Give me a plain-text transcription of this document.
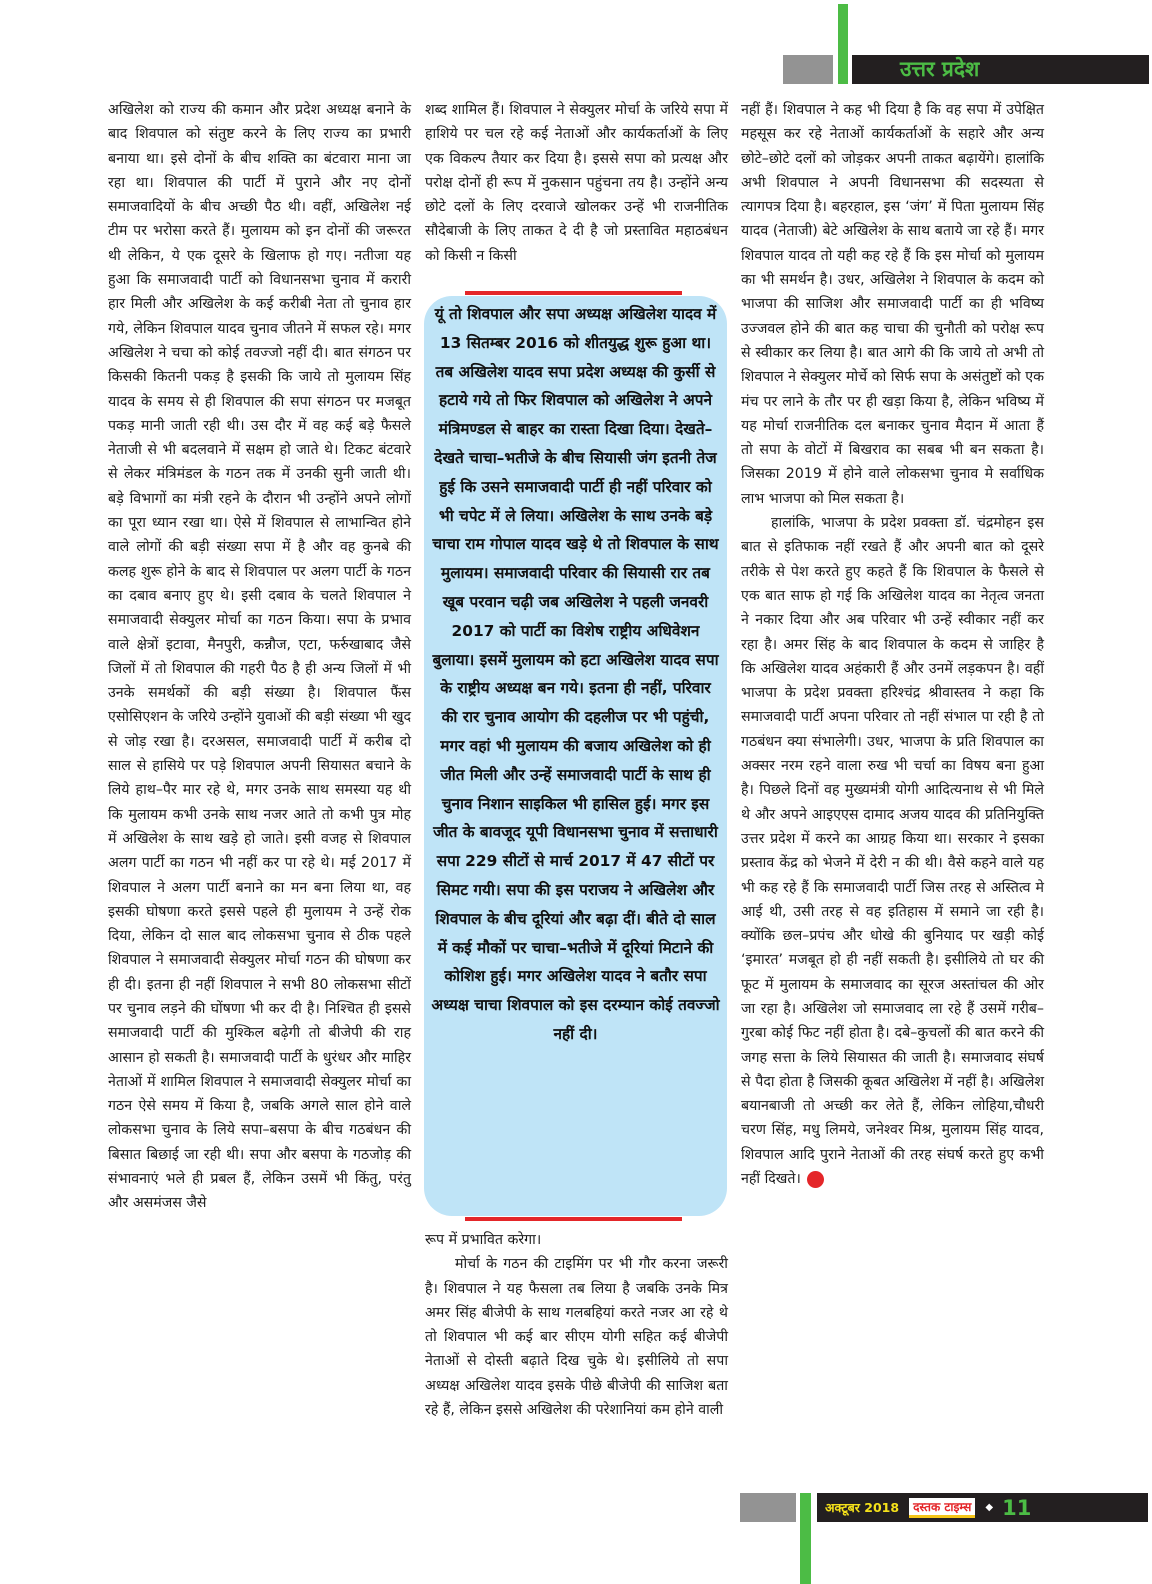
उत्तर प्रदेश

अखिलेश को राज्य की कमान और प्रदेश अध्यक्ष बनाने के बाद शिवपाल को संतुष्ट करने के लिए राज्य का प्रभारी बनाया था। इसे दोनों के बीच शक्ति का बंटवारा माना जा रहा था। शिवपाल की पार्टी में पुराने और नए दोनों समाजवादियों के बीच अच्छी पैठ थी। वहीं, अखिलेश नई टीम पर भरोसा करते हैं। मुलायम को इन दोनों की जरूरत थी लेकिन, ये एक दूसरे के खिलाफ हो गए। नतीजा यह हुआ कि समाजवादी पार्टी को विधानसभा चुनाव में करारी हार मिली और अखिलेश के कई करीबी नेता तो चुनाव हार गये, लेकिन शिवपाल यादव चुनाव जीतने में सफल रहे। मगर अखिलेश ने चचा को कोई तवज्जो नहीं दी। बात संगठन पर किसकी कितनी पकड़ है इसकी कि जाये तो मुलायम सिंह यादव के समय से ही शिवपाल की सपा संगठन पर मजबूत पकड़ मानी जाती रही थी। उस दौर में वह कई बड़े फैसले नेताजी से भी बदलवाने में सक्षम हो जाते थे। टिकट बंटवारे से लेकर मंत्रिमंडल के गठन तक में उनकी सुनी जाती थी। बड़े विभागों का मंत्री रहने के दौरान भी उन्होंने अपने लोगों का पूरा ध्यान रखा था। ऐसे में शिवपाल से लाभान्वित होने वाले लोगों की बड़ी संख्या सपा में है और वह कुनबे की कलह शुरू होने के बाद से शिवपाल पर अलग पार्टी के गठन का दबाव बनाए हुए थे। इसी दबाव के चलते शिवपाल ने समाजवादी सेक्युलर मोर्चा का गठन किया। सपा के प्रभाव वाले क्षेत्रों इटावा, मैनपुरी, कन्नौज, एटा, फर्रुखाबाद जैसे जिलों में तो शिवपाल की गहरी पैठ है ही अन्य जिलों में भी उनके समर्थकों की बड़ी संख्या है। शिवपाल फैंस एसोसिएशन के जरिये उन्होंने युवाओं की बड़ी संख्या भी खुद से जोड़ रखा है। दरअसल, समाजवादी पार्टी में करीब दो साल से हासिये पर पड़े शिवपाल अपनी सियासत बचाने के लिये हाथ–पैर मार रहे थे, मगर उनके साथ समस्या यह थी कि मुलायम कभी उनके साथ नजर आते तो कभी पुत्र मोह में अखिलेश के साथ खड़े हो जाते। इसी वजह से शिवपाल अलग पार्टी का गठन भी नहीं कर पा रहे थे। मई 2017 में शिवपाल ने अलग पार्टी बनाने का मन बना लिया था, वह इसकी घोषणा करते इससे पहले ही मुलायम ने उन्हें रोक दिया, लेकिन दो साल बाद लोकसभा चुनाव से ठीक पहले शिवपाल ने समाजवादी सेक्युलर मोर्चा गठन की घोषणा कर ही दी। इतना ही नहीं शिवपाल ने सभी 80 लोकसभा सीटों पर चुनाव लड़ने की घोंषणा भी कर दी है। निश्चित ही इससे समाजवादी पार्टी की मुश्किल बढ़ेगी तो बीजेपी की राह आसान हो सकती है। समाजवादी पार्टी के धुरंधर और माहिर नेताओं में शामिल शिवपाल ने समाजवादी सेक्युलर मोर्चा का गठन ऐसे समय में किया है, जबकि अगले साल होने वाले लोकसभा चुनाव के लिये सपा–बसपा के बीच गठबंधन की बिसात बिछाई जा रही थी। सपा और बसपा के गठजोड़ की संभावनाएं भले ही प्रबल हैं, लेकिन उसमें भी किंतु, परंतु और असमंजस जैसे

शब्द शामिल हैं। शिवपाल ने सेक्युलर मोर्चा के जरिये सपा में हाशिये पर चल रहे कई नेताओं और कार्यकर्ताओं के लिए एक विकल्प तैयार कर दिया है। इससे सपा को प्रत्यक्ष और परोक्ष दोनों ही रूप में नुकसान पहुंचना तय है। उन्होंने अन्य छोटे दलों के लिए दरवाजे खोलकर उन्हें भी राजनीतिक सौदेबाजी के लिए ताकत दे दी है जो प्रस्तावित महाठबंधन को किसी न किसी

यूं तो शिवपाल और सपा अध्यक्ष अखिलेश यादव में 13 सितम्बर 2016 को शीतयुद्ध शुरू हुआ था। तब अखिलेश यादव सपा प्रदेश अध्यक्ष की कुर्सी से हटाये गये तो फिर शिवपाल को अखिलेश ने अपने मंत्रिमण्डल से बाहर का रास्ता दिखा दिया। देखते–देखते चाचा–भतीजे के बीच सियासी जंग इतनी तेज हुई कि उसने समाजवादी पार्टी ही नहीं परिवार को भी चपेट में ले लिया। अखिलेश के साथ उनके बड़े चाचा राम गोपाल यादव खड़े थे तो शिवपाल के साथ मुलायम। समाजवादी परिवार की सियासी रार तब खूब परवान चढ़ी जब अखिलेश ने पहली जनवरी 2017 को पार्टी का विशेष राष्ट्रीय अधिवेशन बुलाया। इसमें मुलायम को हटा अखिलेश यादव सपा के राष्ट्रीय अध्यक्ष बन गये। इतना ही नहीं, परिवार की रार चुनाव आयोग की दहलीज पर भी पहुंची, मगर वहां भी मुलायम की बजाय अखिलेश को ही जीत मिली और उन्हें समाजवादी पार्टी के साथ ही चुनाव निशान साइकिल भी हासिल हुई। मगर इस जीत के बावजूद यूपी विधानसभा चुनाव में सत्ताधारी सपा 229 सीटों से मार्च 2017 में 47 सीटों पर सिमट गयी। सपा की इस पराजय ने अखिलेश और शिवपाल के बीच दूरियां और बढ़ा दीं। बीते दो साल में कई मौकों पर चाचा–भतीजे में दूरियां मिटाने की कोशिश हुई। मगर अखिलेश यादव ने बतौर सपा अध्यक्ष चाचा शिवपाल को इस दरम्यान कोई तवज्जो नहीं दी।

रूप में प्रभावित करेगा।

मोर्चा के गठन की टाइमिंग पर भी गौर करना जरूरी है। शिवपाल ने यह फैसला तब लिया है जबकि उनके मित्र अमर सिंह बीजेपी के साथ गलबहियां करते नजर आ रहे थे तो शिवपाल भी कई बार सीएम योगी सहित कई बीजेपी नेताओं से दोस्ती बढ़ाते दिख चुके थे। इसीलिये तो सपा अध्यक्ष अखिलेश यादव इसके पीछे बीजेपी की साजिश बता रहे हैं, लेकिन इससे अखिलेश की परेशानियां कम होने वाली

नहीं हैं। शिवपाल ने कह भी दिया है कि वह सपा में उपेक्षित महसूस कर रहे नेताओं कार्यकर्ताओं के सहारे और अन्य छोटे–छोटे दलों को जोड़कर अपनी ताकत बढ़ायेंगे। हालांकि अभी शिवपाल ने अपनी विधानसभा की सदस्यता से त्यागपत्र दिया है। बहरहाल, इस ‘जंग’ में पिता मुलायम सिंह यादव (नेताजी) बेटे अखिलेश के साथ बताये जा रहे हैं। मगर शिवपाल यादव तो यही कह रहे हैं कि इस मोर्चा को मुलायम का भी समर्थन है। उधर, अखिलेश ने शिवपाल के कदम को भाजपा की साजिश और समाजवादी पार्टी का ही भविष्य उज्जवल होने की बात कह चाचा की चुनौती को परोक्ष रूप से स्वीकार कर लिया है। बात आगे की कि जाये तो अभी तो शिवपाल ने सेक्युलर मोर्चे को सिर्फ सपा के असंतुष्टों को एक मंच पर लाने के तौर पर ही खड़ा किया है, लेकिन भविष्य में यह मोर्चा राजनीतिक दल बनाकर चुनाव मैदान में आता हैं तो सपा के वोटों में बिखराव का सबब भी बन सकता है। जिसका 2019 में होने वाले लोकसभा चुनाव मे सर्वाधिक लाभ भाजपा को मिल सकता है।

हालांकि, भाजपा के प्रदेश प्रवक्ता डॉ. चंद्रमोहन इस बात से इतिफाक नहीं रखते हैं और अपनी बात को दूसरे तरीके से पेश करते हुए कहते हैं कि शिवपाल के फैसले से एक बात साफ हो गई कि अखिलेश यादव का नेतृत्व जनता ने नकार दिया और अब परिवार भी उन्हें स्वीकार नहीं कर रहा है। अमर सिंह के बाद शिवपाल के कदम से जाहिर है कि अखिलेश यादव अहंकारी हैं और उनमें लड़कपन है। वहीं भाजपा के प्रदेश प्रवक्ता हरिश्चंद्र श्रीवास्तव ने कहा कि समाजवादी पार्टी अपना परिवार तो नहीं संभाल पा रही है तो गठबंधन क्या संभालेगी। उधर, भाजपा के प्रति शिवपाल का अक्सर नरम रहने वाला रुख भी चर्चा का विषय बना हुआ है। पिछले दिनों वह मुख्यमंत्री योगी आदित्यनाथ से भी मिले थे और अपने आइएएस दामाद अजय यादव की प्रतिनियुक्ति उत्तर प्रदेश में करने का आग्रह किया था। सरकार ने इसका प्रस्ताव केंद्र को भेजने में देरी न की थी। वैसे कहने वाले यह भी कह रहे हैं कि समाजवादी पार्टी जिस तरह से अस्तित्व मे आई थी, उसी तरह से वह इतिहास में समाने जा रही है। क्योंकि छल–प्रपंच और धोखे की बुनियाद पर खड़ी कोई ‘इमारत’ मजबूत हो ही नहीं सकती है। इसीलिये तो घर की फूट में मुलायम के समाजवाद का सूरज अस्तांचल की ओर जा रहा है। अखिलेश जो समाजवाद ला रहे हैं उसमें गरीब–गुरबा कोई फिट नहीं होता है। दबे–कुचलों की बात करने की जगह सत्ता के लिये सियासत की जाती है। समाजवाद संघर्ष से पैदा होता है जिसकी कूबत अखिलेश में नहीं है। अखिलेश बयानबाजी तो अच्छी कर लेते हैं, लेकिन लोहिया,चौधरी चरण सिंह, मधु लिमये, जनेश्वर मिश्र, मुलायम सिंह यादव, शिवपाल आदि पुराने नेताओं की तरह संघर्ष करते हुए कभी नहीं दिखते।

अक्टूबर 2018	दस्तक टाइम्स	◆ 11
